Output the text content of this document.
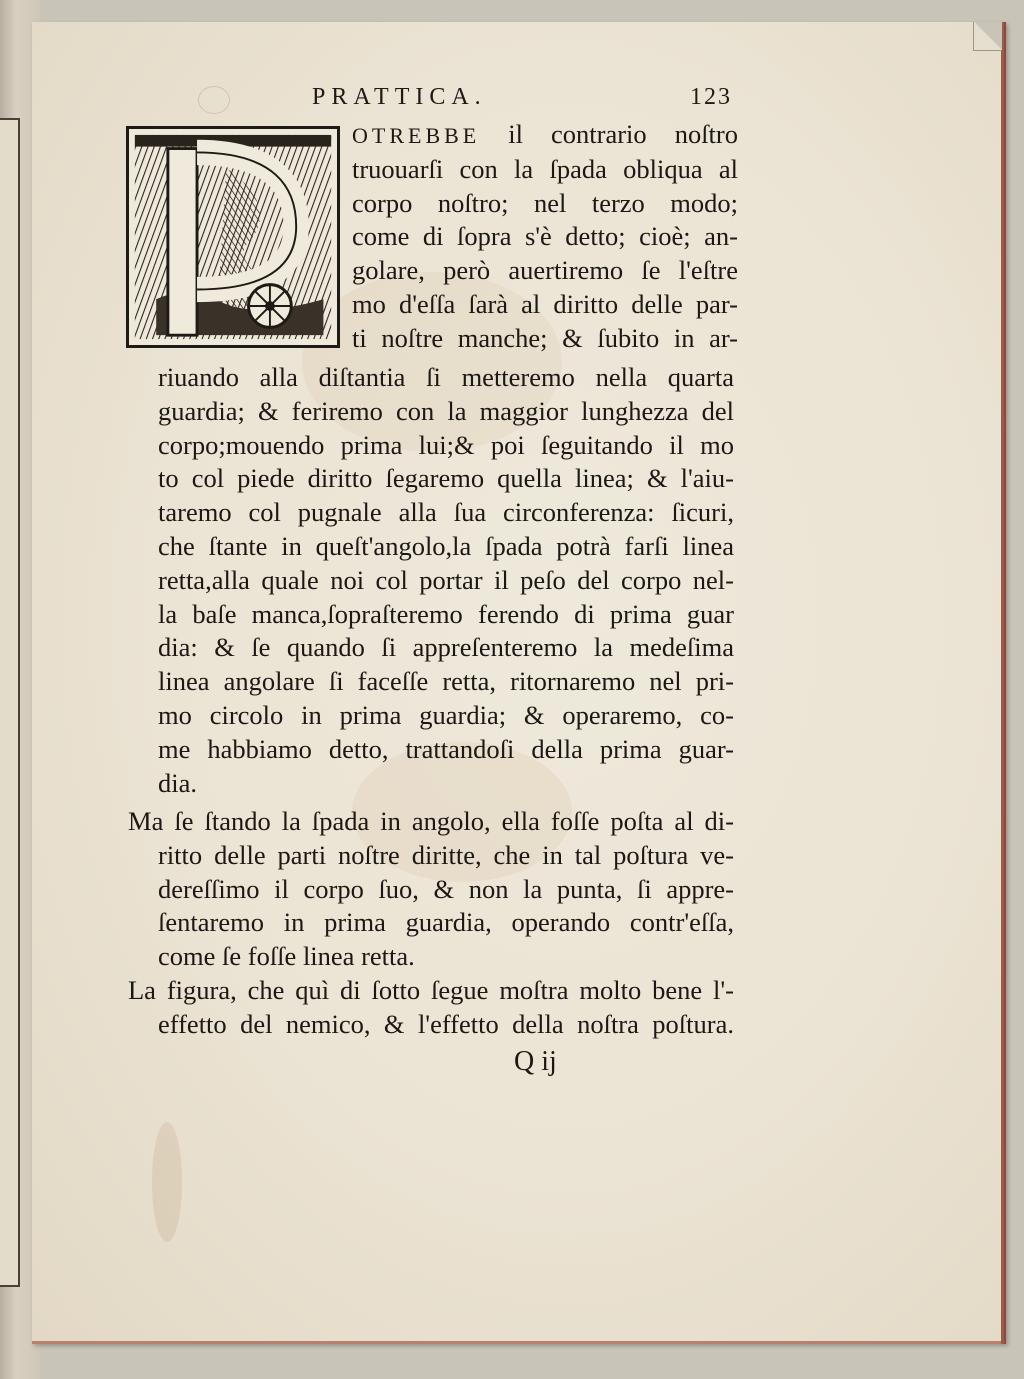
PRATTICA.	123
OTREBBE il contrario noſtro
truouarſi con la ſpada obliqua al
corpo noſtro; nel terzo modo;
come di ſopra s'è detto; cioè; an-
golare, però auertiremo ſe l'eſtre
mo d'eſſa ſarà al diritto delle par-
ti noſtre manche; & ſubito in ar-
riuando alla diſtantia ſi metteremo nella quarta
guardia; & feriremo con la maggior lunghezza del
corpo;mouendo prima lui;& poi ſeguitando il mo
to col piede diritto ſegaremo quella linea; & l'aiu-
taremo col pugnale alla ſua circonferenza: ſicuri,
che ſtante in queſt'angolo,la ſpada potrà farſi linea
retta,alla quale noi col portar il peſo del corpo nel-
la baſe manca,ſopraſteremo ferendo di prima guar
dia: & ſe quando ſi appreſenteremo la medeſima
linea angolare ſi faceſſe retta, ritornaremo nel pri-
mo circolo in prima guardia; & operaremo, co-
me habbiamo detto, trattandoſi della prima guar-
dia.
Ma ſe ſtando la ſpada in angolo, ella foſſe poſta al di-
ritto delle parti noſtre diritte, che in tal poſtura ve-
dereſſimo il corpo ſuo, & non la punta, ſi appre-
ſentaremo in prima guardia, operando contr'eſſa,
come ſe foſſe linea retta.
La figura, che quì di ſotto ſegue moſtra molto bene l'-
effetto del nemico, & l'effetto della noſtra poſtura.
Q ij
